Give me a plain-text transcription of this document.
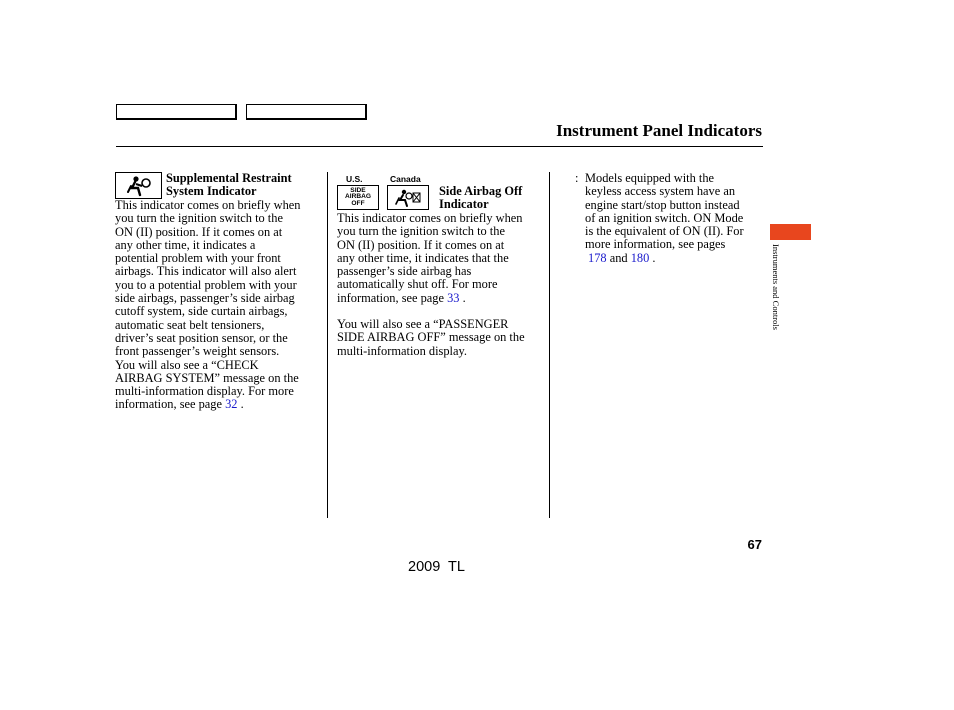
Instrument Panel Indicators
Supplemental Restraint
System Indicator
This indicator comes on briefly when
you turn the ignition switch to the
ON (II) position. If it comes on at
any other time, it indicates a
potential problem with your front
airbags. This indicator will also alert
you to a potential problem with your
side airbags, passenger’s side airbag
cutoff system, side curtain airbags,
automatic seat belt tensioners,
driver’s seat position sensor, or the
front passenger’s weight sensors.
You will also see a “CHECK
AIRBAG SYSTEM” message on the
multi-information display. For more
information, see page 32 .
U.S.	Canada
SIDE
AIRBAG
OFF
Side Airbag Off
Indicator
This indicator comes on briefly when
you turn the ignition switch to the
ON (II) position. If it comes on at
any other time, it indicates that the
passenger’s side airbag has
automatically shut off. For more
information, see page 33 .
You will also see a “PASSENGER
SIDE AIRBAG OFF” message on the
multi-information display.
: Models equipped with the
keyless access system have an
engine start/stop button instead
of an ignition switch. ON Mode
is the equivalent of ON (II). For
more information, see pages
178 and 180 .	Instruments and Controls
67
2009  TL
